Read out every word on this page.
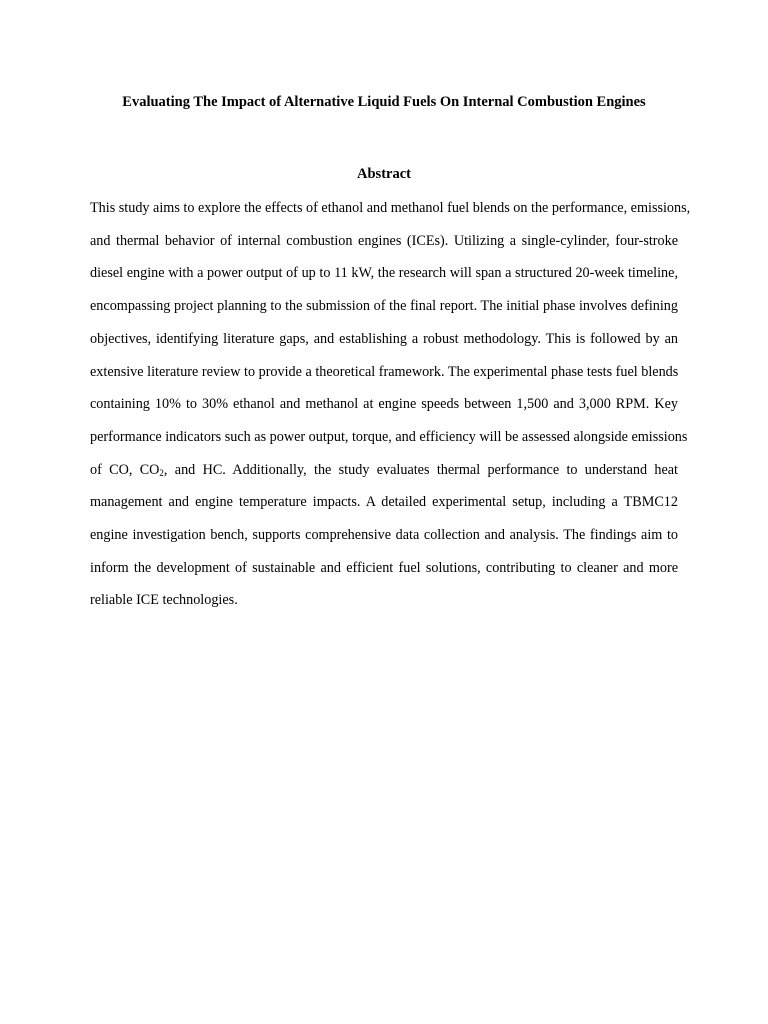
Evaluating The Impact of Alternative Liquid Fuels On Internal Combustion Engines
Abstract
This study aims to explore the effects of ethanol and methanol fuel blends on the performance, emissions,
and thermal behavior of internal combustion engines (ICEs). Utilizing a single-cylinder, four-stroke
diesel engine with a power output of up to 11 kW, the research will span a structured 20-week timeline,
encompassing project planning to the submission of the final report. The initial phase involves defining
objectives, identifying literature gaps, and establishing a robust methodology. This is followed by an
extensive literature review to provide a theoretical framework. The experimental phase tests fuel blends
containing 10% to 30% ethanol and methanol at engine speeds between 1,500 and 3,000 RPM. Key
performance indicators such as power output, torque, and efficiency will be assessed alongside emissions
of CO, $CO_2$, and HC. Additionally, the study evaluates thermal performance to understand heat
management and engine temperature impacts. A detailed experimental setup, including a TBMC12
engine investigation bench, supports comprehensive data collection and analysis. The findings aim to
inform the development of sustainable and efficient fuel solutions, contributing to cleaner and more
reliable ICE technologies.
